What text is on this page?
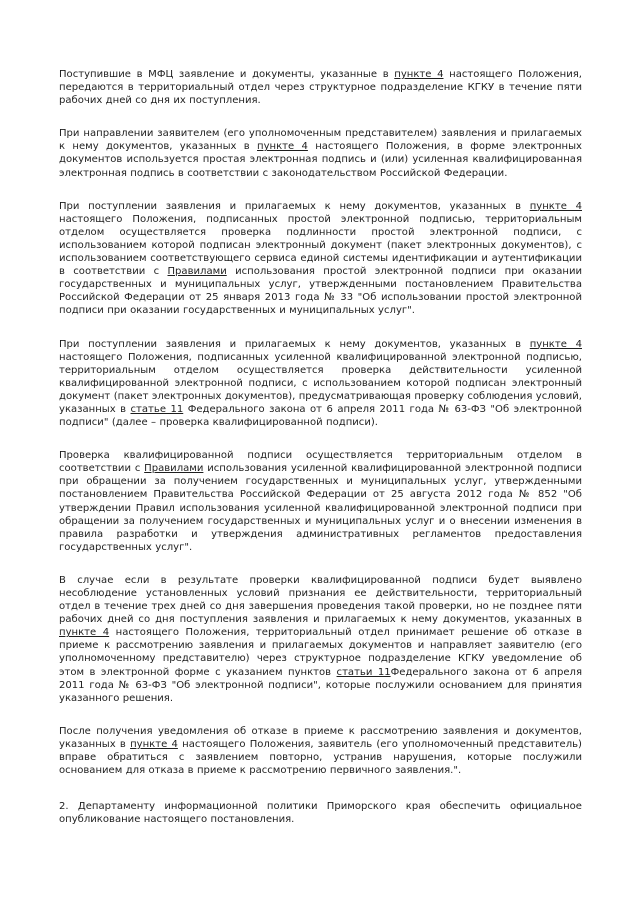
Поступившие в МФЦ заявление и документы, указанные в пункте 4 настоящего Положения, передаются в территориальный отдел через структурное подразделение КГКУ в течение пяти рабочих дней со дня их поступления.
При направлении заявителем (его уполномоченным представителем) заявления и прилагаемых к нему документов, указанных в пункте 4 настоящего Положения, в форме электронных документов используется простая электронная подпись и (или) усиленная квалифицированная электронная подпись в соответствии с законодательством Российской Федерации.
При поступлении заявления и прилагаемых к нему документов, указанных в пункте 4 настоящего Положения, подписанных простой электронной подписью, территориальным отделом осуществляется проверка подлинности простой электронной подписи, с использованием которой подписан электронный документ (пакет электронных документов), с использованием соответствующего сервиса единой системы идентификации и аутентификации в соответствии с Правилами использования простой электронной подписи при оказании государственных и муниципальных услуг, утвержденными постановлением Правительства Российской Федерации от 25 января 2013 года № 33 "Об использовании простой электронной подписи при оказании государственных и муниципальных услуг".
При поступлении заявления и прилагаемых к нему документов, указанных в пункте 4 настоящего Положения, подписанных усиленной квалифицированной электронной подписью, территориальным отделом осуществляется проверка действительности усиленной квалифицированной электронной подписи, с использованием которой подписан электронный документ (пакет электронных документов), предусматривающая проверку соблюдения условий, указанных в статье 11 Федерального закона от 6 апреля 2011 года № 63-ФЗ "Об электронной подписи" (далее – проверка квалифицированной подписи).
Проверка квалифицированной подписи осуществляется территориальным отделом в соответствии с Правилами использования усиленной квалифицированной электронной подписи при обращении за получением государственных и муниципальных услуг, утвержденными постановлением Правительства Российской Федерации от 25 августа 2012 года № 852 "Об утверждении Правил использования усиленной квалифицированной электронной подписи при обращении за получением государственных и муниципальных услуг и о внесении изменения в правила разработки и утверждения административных регламентов предоставления государственных услуг".
В случае если в результате проверки квалифицированной подписи будет выявлено несоблюдение установленных условий признания ее действительности, территориальный отдел в течение трех дней со дня завершения проведения такой проверки, но не позднее пяти рабочих дней со дня поступления заявления и прилагаемых к нему документов, указанных в пункте 4 настоящего Положения, территориальный отдел принимает решение об отказе в приеме к рассмотрению заявления и прилагаемых документов и направляет заявителю (его уполномоченному представителю) через структурное подразделение КГКУ уведомление об этом в электронной форме с указанием пунктов статьи 11Федерального закона от 6 апреля 2011 года № 63-ФЗ "Об электронной подписи", которые послужили основанием для принятия указанного решения.
После получения уведомления об отказе в приеме к рассмотрению заявления и документов, указанных в пункте 4 настоящего Положения, заявитель (его уполномоченный представитель) вправе обратиться с заявлением повторно, устранив нарушения, которые послужили основанием для отказа в приеме к рассмотрению первичного заявления.".
2. Департаменту информационной политики Приморского края обеспечить официальное опубликование настоящего постановления.
